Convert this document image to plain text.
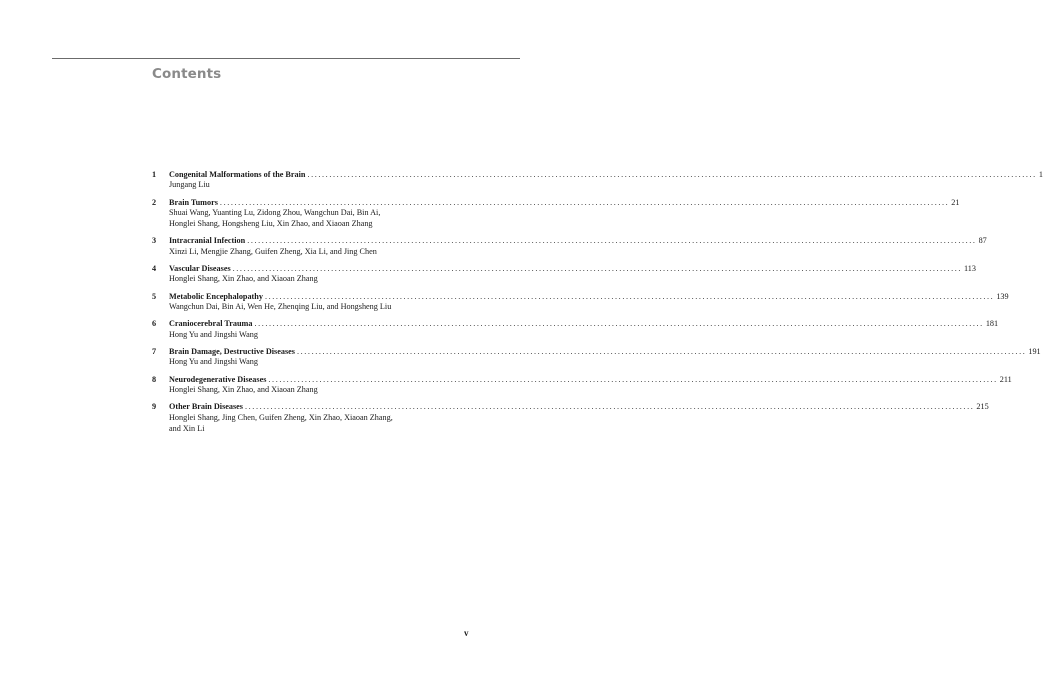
Contents
1	Congenital Malformations of the Brain ........................................................................................................................................................................................................ 1
Jungang Liu
2	Brain Tumors ........................................................................................................................................................................................................ 21
Shuai Wang, Yuanting Lu, Zidong Zhou, Wangchun Dai, Bin Ai,
Honglei Shang, Hongsheng Liu, Xin Zhao, and Xiaoan Zhang
3	Intracranial Infection ........................................................................................................................................................................................................ 87
Xinzi Li, Mengjie Zhang, Guifen Zheng, Xia Li, and Jing Chen
4	Vascular Diseases ........................................................................................................................................................................................................ 113
Honglei Shang, Xin Zhao, and Xiaoan Zhang
5	Metabolic Encephalopathy ........................................................................................................................................................................................................ 139
Wangchun Dai, Bin Ai, Wen He, Zhenqing Liu, and Hongsheng Liu
6	Craniocerebral Trauma ........................................................................................................................................................................................................ 181
Hong Yu and Jingshi Wang
7	Brain Damage, Destructive Diseases ........................................................................................................................................................................................................ 191
Hong Yu and Jingshi Wang
8	Neurodegenerative Diseases ........................................................................................................................................................................................................ 211
Honglei Shang, Xin Zhao, and Xiaoan Zhang
9	Other Brain Diseases ........................................................................................................................................................................................................ 215
Honglei Shang, Jing Chen, Guifen Zheng, Xin Zhao, Xiaoan Zhang,
and Xin Li
v
